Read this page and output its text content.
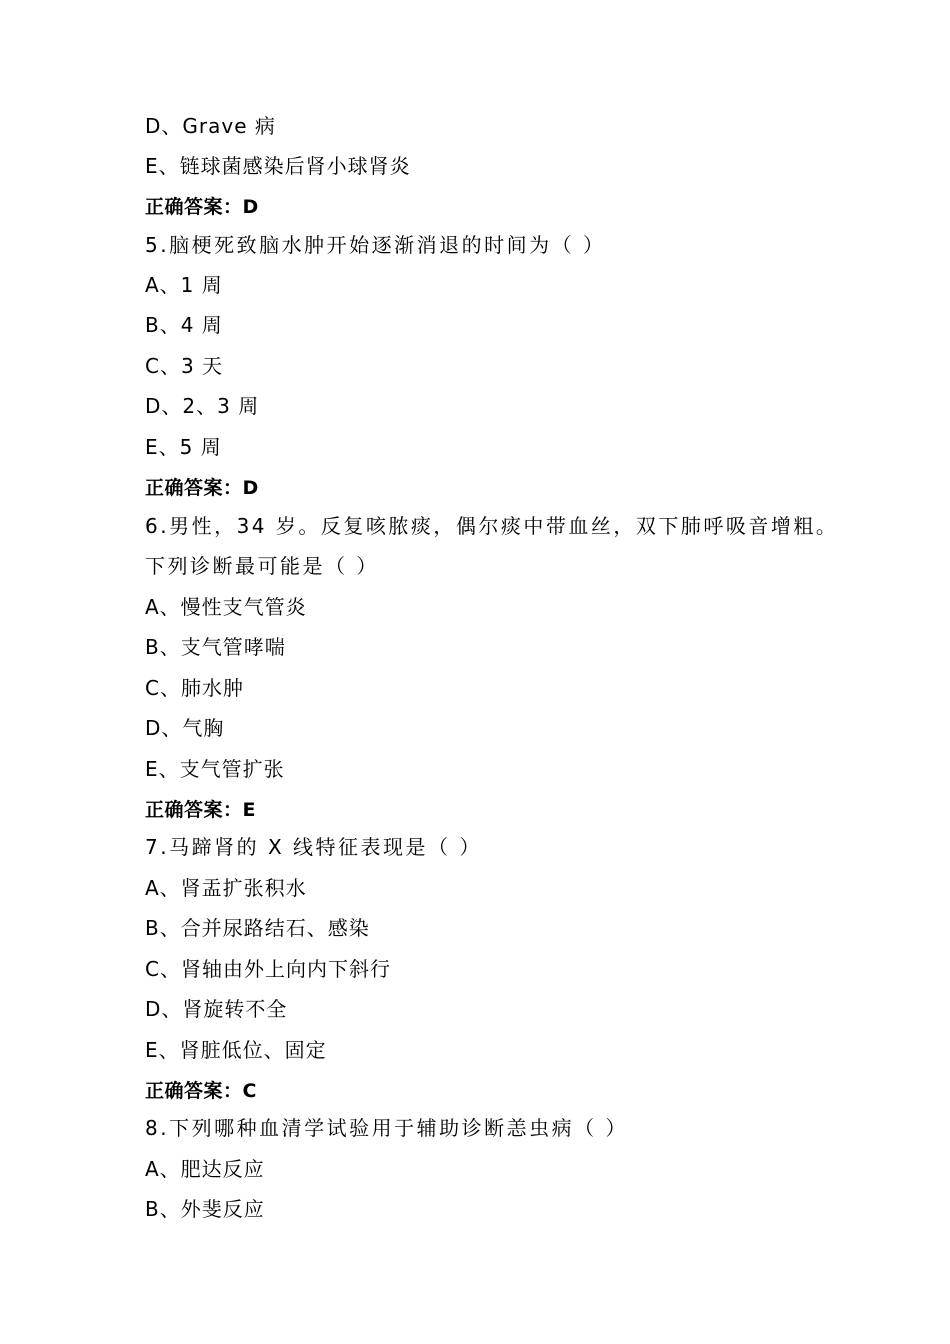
D、Grave 病
E、链球菌感染后肾小球肾炎
正确答案：D
5.脑梗死致脑水肿开始逐渐消退的时间为（ ）
A、1 周
B、4 周
C、3 天
D、2、3 周
E、5 周
正确答案：D
6.男性，34 岁。反复咳脓痰，偶尔痰中带血丝，双下肺呼吸音增粗。
下列诊断最可能是（ ）
A、慢性支气管炎
B、支气管哮喘
C、肺水肿
D、气胸
E、支气管扩张
正确答案：E
7.马蹄肾的 X 线特征表现是（ ）
A、肾盂扩张积水
B、合并尿路结石、感染
C、肾轴由外上向内下斜行
D、肾旋转不全
E、肾脏低位、固定
正确答案：C
8.下列哪种血清学试验用于辅助诊断恙虫病（ ）
A、肥达反应
B、外斐反应
